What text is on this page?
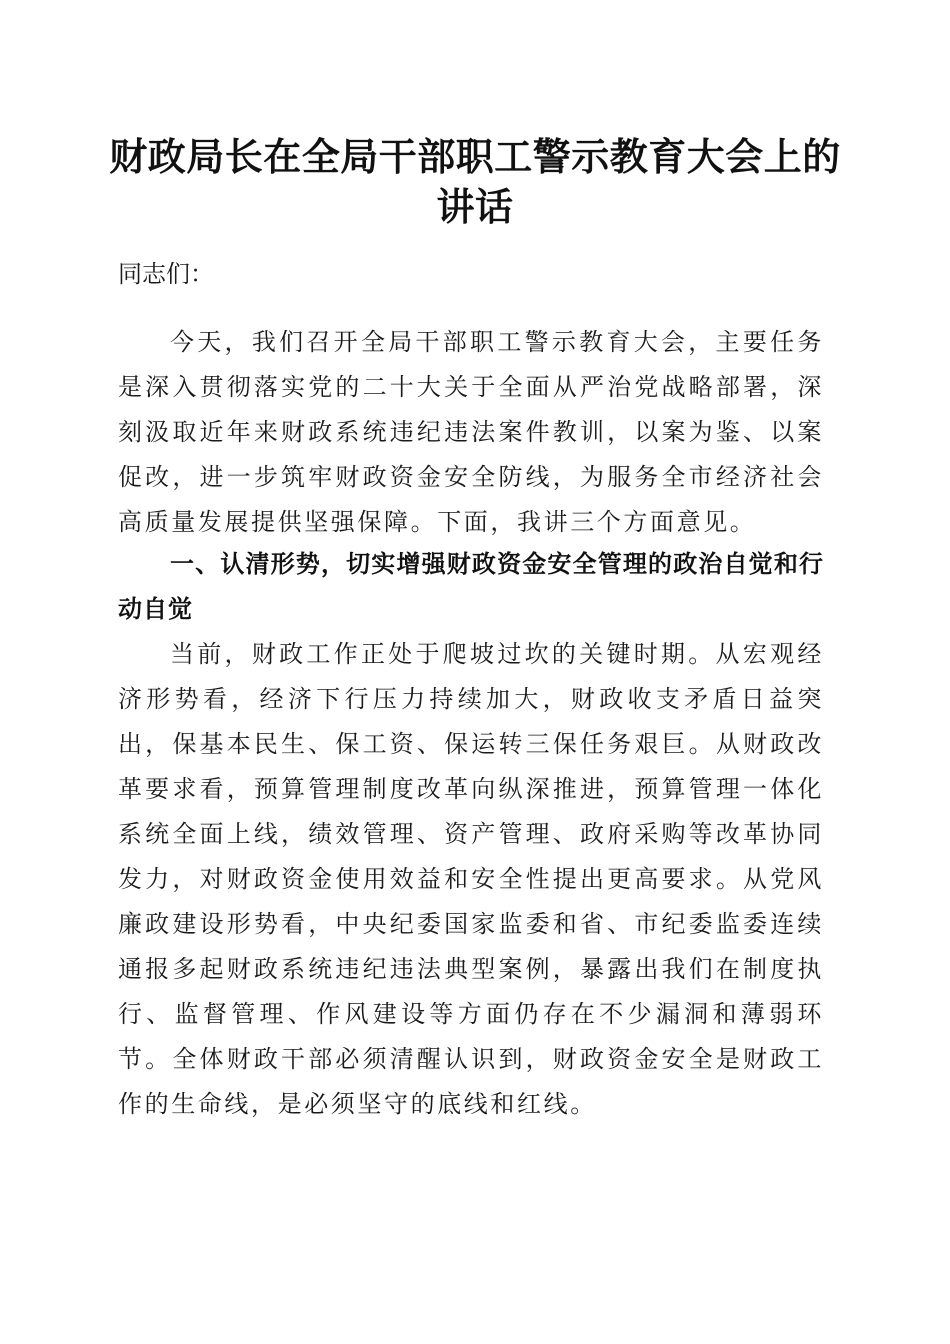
财政局长在全局干部职工警示教育大会上的讲话

同志们：

今天，我们召开全局干部职工警示教育大会，主要任务是深入贯彻落实党的二十大关于全面从严治党战略部署，深刻汲取近年来财政系统违纪违法案件教训，以案为鉴、以案促改，进一步筑牢财政资金安全防线，为服务全市经济社会高质量发展提供坚强保障。下面，我讲三个方面意见。

一、认清形势，切实增强财政资金安全管理的政治自觉和行动自觉

当前，财政工作正处于爬坡过坎的关键时期。从宏观经济形势看，经济下行压力持续加大，财政收支矛盾日益突出，保基本民生、保工资、保运转三保任务艰巨。从财政改革要求看，预算管理制度改革向纵深推进，预算管理一体化系统全面上线，绩效管理、资产管理、政府采购等改革协同发力，对财政资金使用效益和安全性提出更高要求。从党风廉政建设形势看，中央纪委国家监委和省、市纪委监委连续通报多起财政系统违纪违法典型案例，暴露出我们在制度执行、监督管理、作风建设等方面仍存在不少漏洞和薄弱环节。全体财政干部必须清醒认识到，财政资金安全是财政工作的生命线，是必须坚守的底线和红线。
